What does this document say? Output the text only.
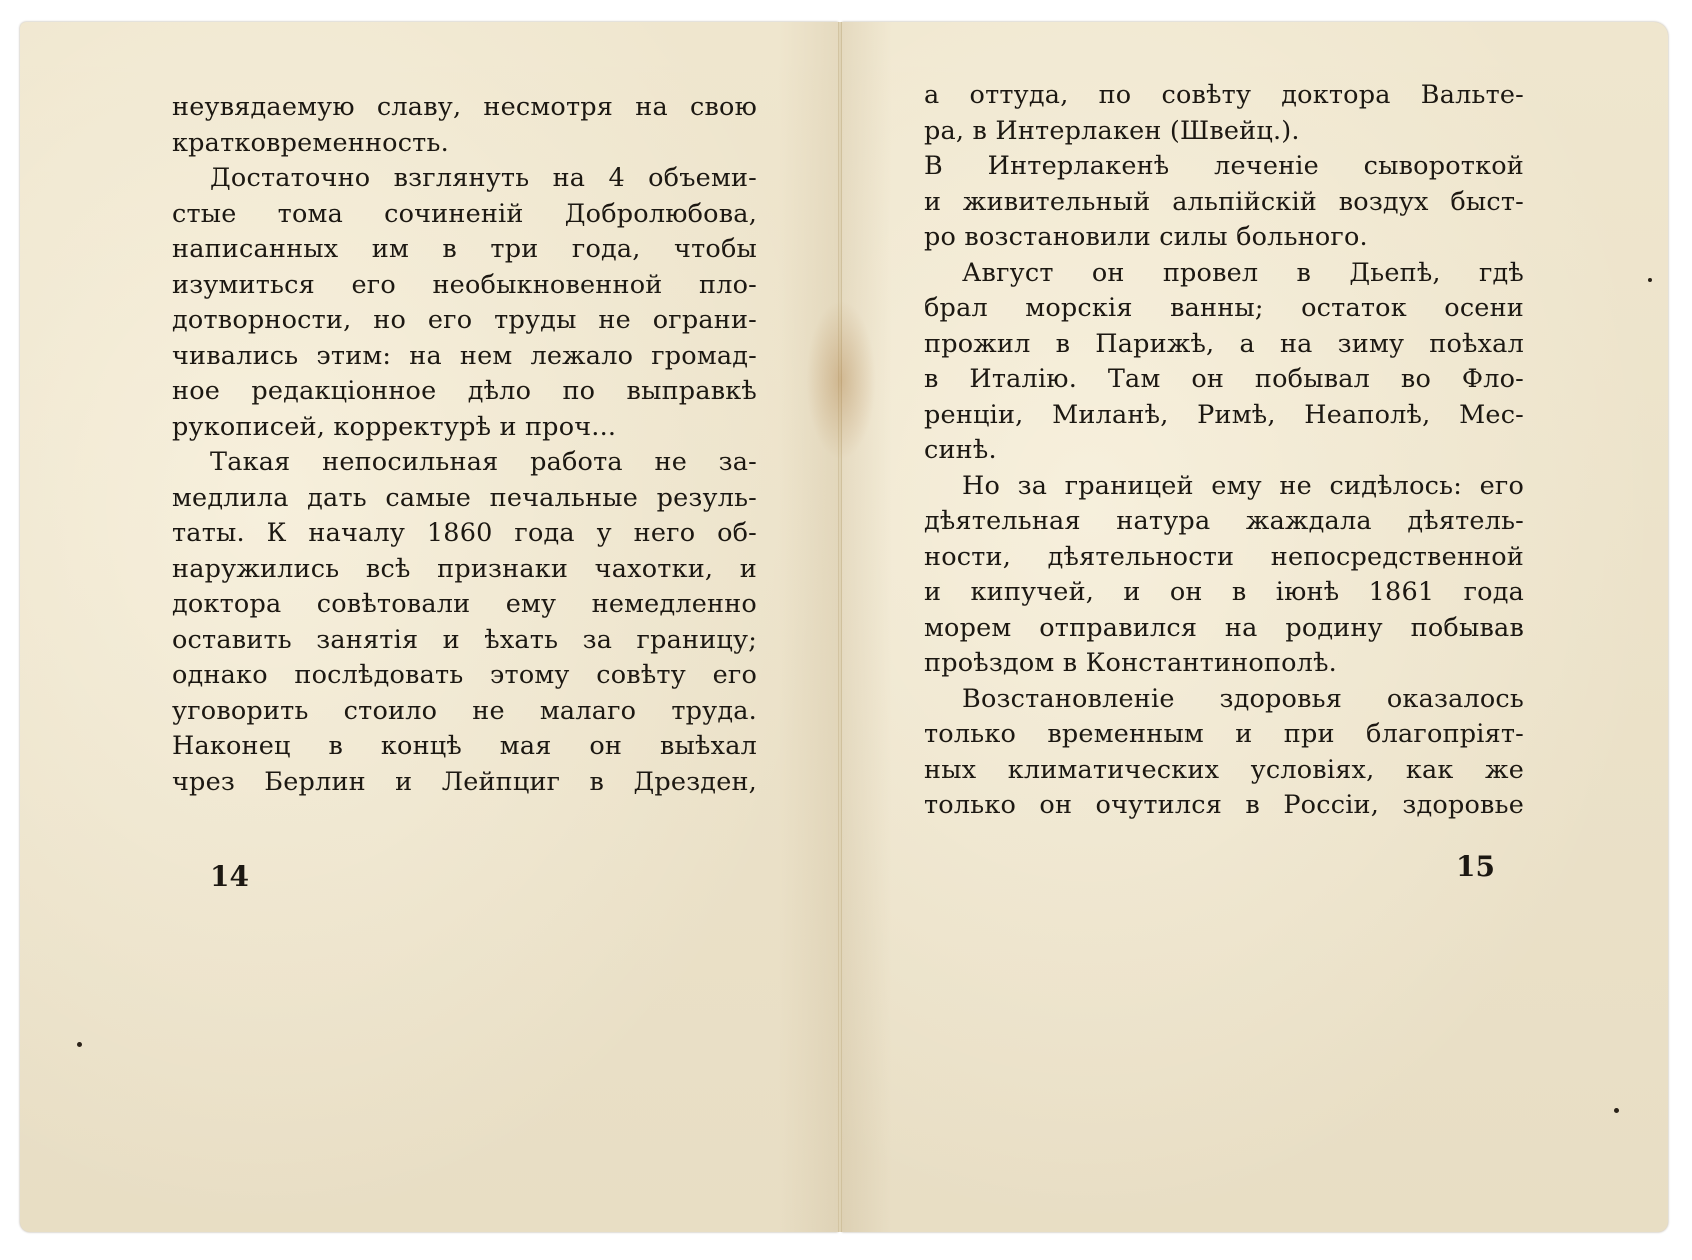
неувядаемую славу, несмотря на свою
кратковременность.
Достаточно взглянуть на 4 объеми-
стые тома сочиненій Добролюбова,
написанных им в три года, чтобы
изумиться его необыкновенной пло-
дотворности, но его труды не ограни-
чивались этим: на нем лежало громад-
ное редакціонное дѣло по выправкѣ
рукописей, корректурѣ и проч...
Такая непосильная работа не за-
медлила дать самые печальные резуль-
таты. К началу 1860 года у него об-
наружились всѣ признаки чахотки, и
доктора совѣтовали ему немедленно
оставить занятія и ѣхать за границу;
однако послѣдовать этому совѣту его
уговорить стоило не малаго труда.
Наконец в концѣ мая он выѣхал
чрез Берлин и Лейпциг в Дрезден,
14
а оттуда, по совѣту доктора Вальте-
ра, в Интерлакен (Швейц.).
В Интерлакенѣ леченіе сывороткой
и живительный альпійскій воздух быст-
ро возстановили силы больного.
Август он провел в Дьепѣ, гдѣ
брал морскія ванны; остаток осени
прожил в Парижѣ, а на зиму поѣхал
в Италію. Там он побывал во Фло-
ренціи, Миланѣ, Римѣ, Неаполѣ, Мес-
синѣ.
Но за границей ему не сидѣлось: его
дѣятельная натура жаждала дѣятель-
ности, дѣятельности непосредственной
и кипучей, и он в іюнѣ 1861 года
морем отправился на родину побывав
проѣздом в Константинополѣ.
Возстановленіе здоровья оказалось
только временным и при благопріят-
ных климатических условіях, как же
только он очутился в Россіи, здоровье
15
